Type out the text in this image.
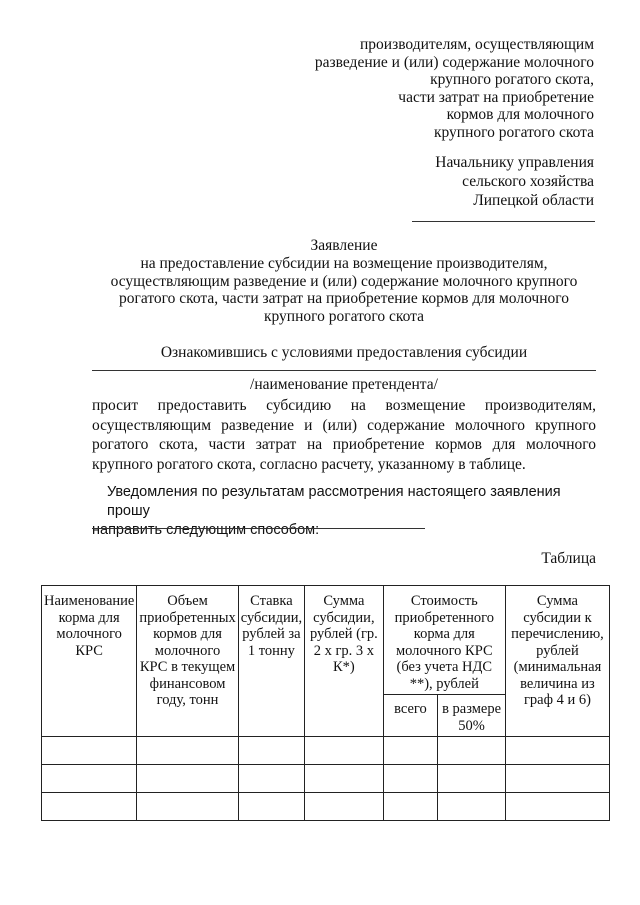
производителям, осуществляющим
разведение и (или) содержание молочного
крупного рогатого скота,
части затрат на приобретение
кормов для молочного
крупного рогатого скота
Начальнику управления
сельского хозяйства
Липецкой области
Заявление
на предоставление субсидии на возмещение производителям,
осуществляющим разведение и (или) содержание молочного крупного
рогатого скота, части затрат на приобретение кормов для молочного
крупного рогатого скота
Ознакомившись с условиями предоставления субсидии
/наименование претендента/
просит предоставить субсидию на возмещение производителям, осуществляющим разведение и (или) содержание молочного крупного рогатого скота, части затрат на приобретение кормов для молочного крупного рогатого скота, согласно расчету, указанному в таблице.
Уведомления по результатам рассмотрения настоящего заявления прошу
направить следующим способом:
Таблица
Наименование корма для молочного КРС	Объем приобретенных кормов для молочного КРС в текущем финансовом году, тонн	Ставка субсидии, рублей за 1 тонну	Сумма субсидии, рублей (гр. 2 х гр. 3 х К*)	Стоимость приобретенного корма для молочного КРС (без учета НДС **), рублей		Сумма субсидии к перечислению, рублей (минимальная величина из граф 4 и 6)
				всего	в размере 50%	
